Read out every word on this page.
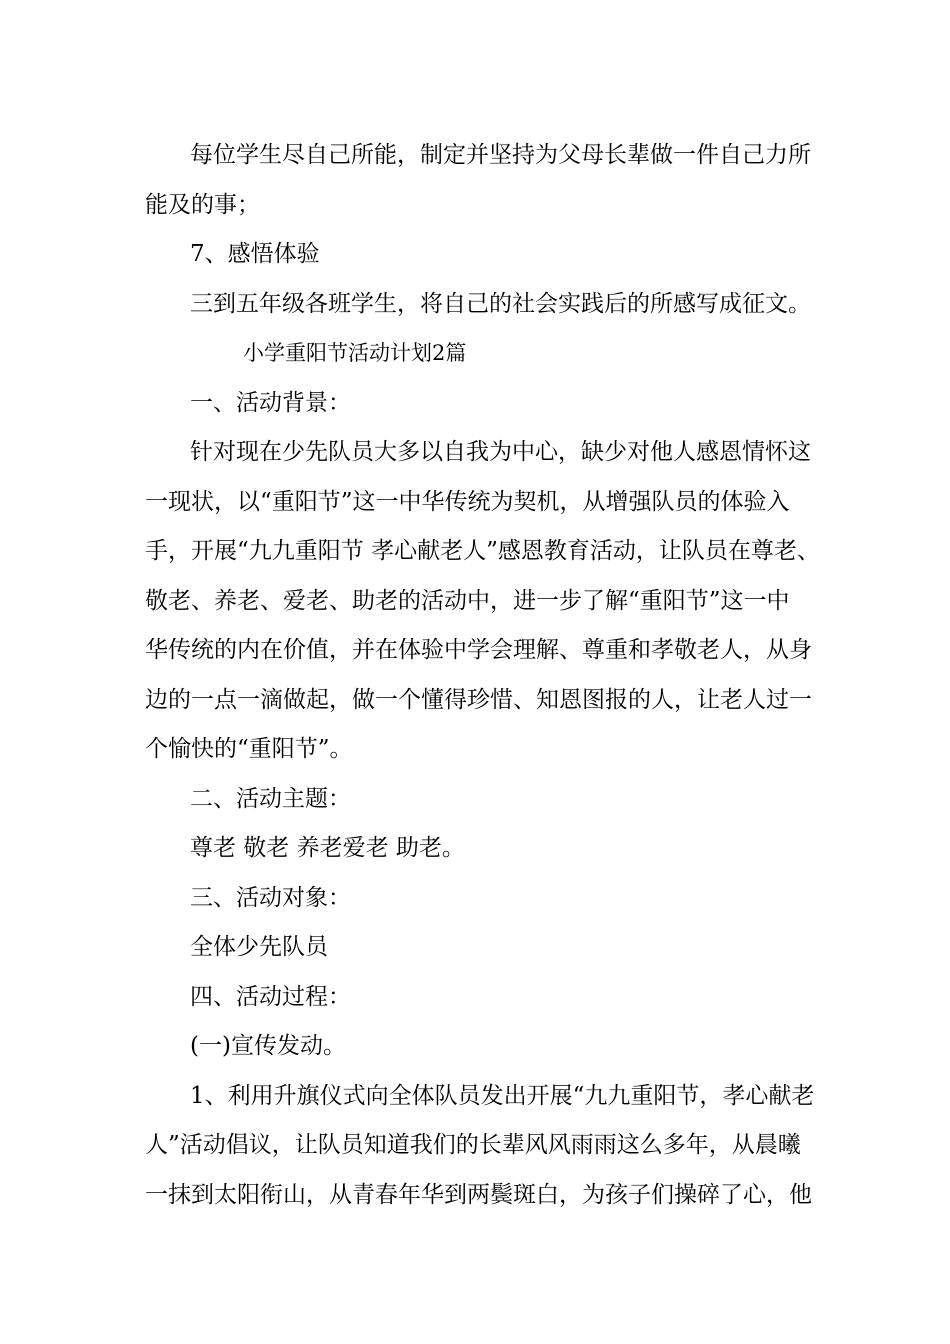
每位学生尽自己所能，制定并坚持为父母长辈做一件自己力所
能及的事；
7、感悟体验
三到五年级各班学生，将自己的社会实践后的所感写成征文。
小学重阳节活动计划2篇
一、活动背景：
针对现在少先队员大多以自我为中心，缺少对他人感恩情怀这
一现状，以“重阳节”这一中华传统为契机，从增强队员的体验入
手，开展“九九重阳节 孝心献老人”感恩教育活动，让队员在尊老、
敬老、养老、爱老、助老的活动中，进一步了解“重阳节”这一中
华传统的内在价值，并在体验中学会理解、尊重和孝敬老人，从身
边的一点一滴做起，做一个懂得珍惜、知恩图报的人，让老人过一
个愉快的“重阳节”。
二、活动主题：
尊老 敬老 养老爱老 助老。
三、活动对象：
全体少先队员
四、活动过程：
(一)宣传发动。
1、利用升旗仪式向全体队员发出开展“九九重阳节，孝心献老
人”活动倡议，让队员知道我们的长辈风风雨雨这么多年，从晨曦
一抹到太阳衔山，从青春年华到两鬓斑白，为孩子们操碎了心，他
